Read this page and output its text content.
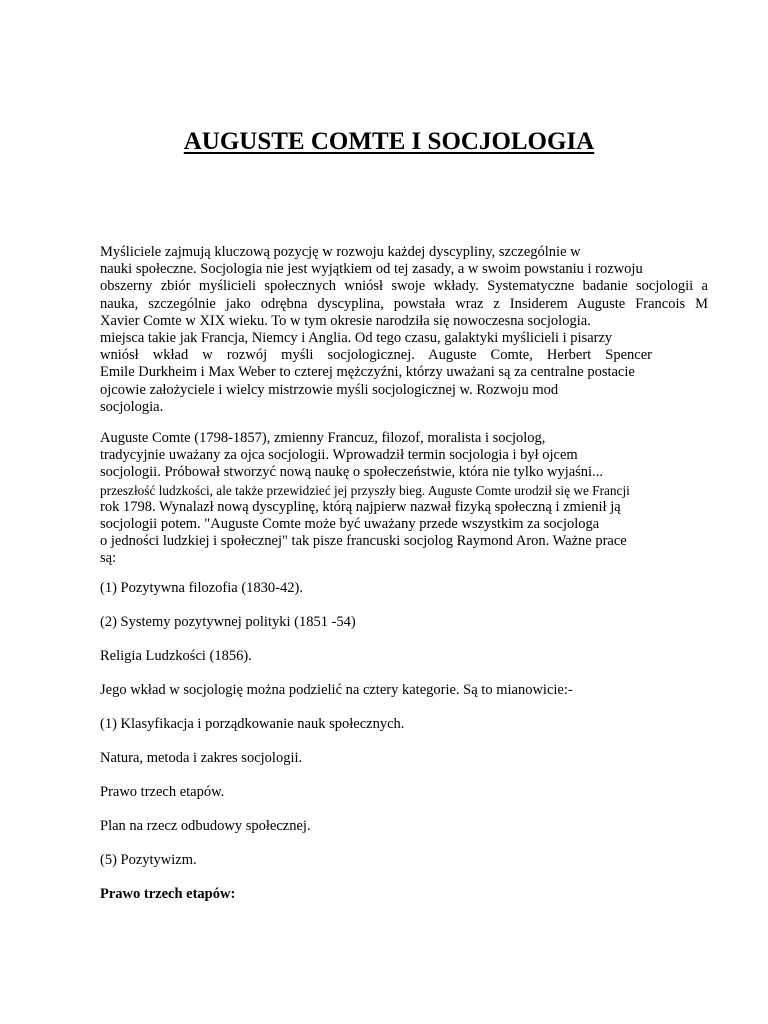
AUGUSTE COMTE I SOCJOLOGIA
Myśliciele zajmują kluczową pozycję w rozwoju każdej dyscypliny, szczególnie w
nauki społeczne. Socjologia nie jest wyjątkiem od tej zasady, a w swoim powstaniu i rozwoju
obszerny zbiór myślicieli społecznych wniósł swoje wkłady. Systematyczne badanie socjologii a
nauka, szczególnie jako odrębna dyscyplina, powstała wraz z Insiderem Auguste Francois M
Xavier Comte w XIX wieku. To w tym okresie narodziła się nowoczesna socjologia.
miejsca takie jak Francja, Niemcy i Anglia. Od tego czasu, galaktyki myślicieli i pisarzy
wniósł wkład w rozwój myśli socjologicznej. Auguste Comte, Herbert Spencer
Emile Durkheim i Max Weber to czterej mężczyźni, którzy uważani są za centralne postacie
ojcowie założyciele i wielcy mistrzowie myśli socjologicznej w. Rozwoju mod
socjologia.
Auguste Comte (1798-1857), zmienny Francuz, filozof, moralista i socjolog,
tradycyjnie uważany za ojca socjologii. Wprowadził termin socjologia i był ojcem
socjologii. Próbował stworzyć nową naukę o społeczeństwie, która nie tylko wyjaśni...
przeszłość ludzkości, ale także przewidzieć jej przyszły bieg. Auguste Comte urodził się we Francji
rok 1798. Wynalazł nową dyscyplinę, którą najpierw nazwał fizyką społeczną i zmienił ją
socjologii potem. "Auguste Comte może być uważany przede wszystkim za socjologa
o jedności ludzkiej i społecznej" tak pisze francuski socjolog Raymond Aron. Ważne prace
są:
(1) Pozytywna filozofia (1830-42).
(2) Systemy pozytywnej polityki (1851 -54)
Religia Ludzkości (1856).
Jego wkład w socjologię można podzielić na cztery kategorie. Są to mianowicie:-
(1) Klasyfikacja i porządkowanie nauk społecznych.
Natura, metoda i zakres socjologii.
Prawo trzech etapów.
Plan na rzecz odbudowy społecznej.
(5) Pozytywizm.
Prawo trzech etapów:
